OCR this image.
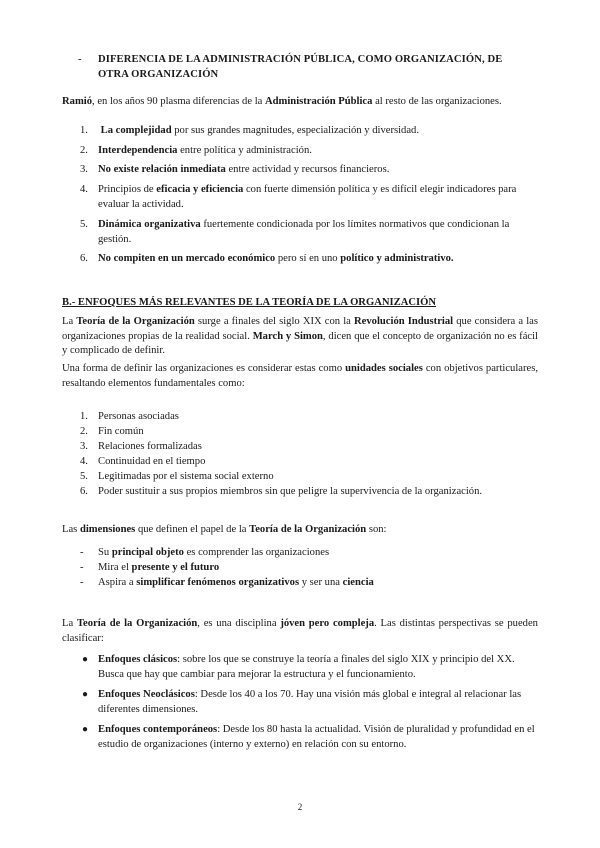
- DIFERENCIA DE LA ADMINISTRACIÓN PÚBLICA, COMO ORGANIZACIÓN, DE
OTRA ORGANIZACIÓN
Ramió, en los años 90 plasma diferencias de la Administración Pública al resto de las organizaciones.
1. La complejidad por sus grandes magnitudes, especialización y diversidad.
2. Interdependencia entre política y administración.
3. No existe relación inmediata entre actividad y recursos financieros.
4. Principios de eficacia y eficiencia con fuerte dimensión política y es difícil elegir indicadores para evaluar la actividad.
5. Dinámica organizativa fuertemente condicionada por los límites normativos que condicionan la gestión.
6. No compiten en un mercado económico pero sí en uno político y administrativo.
B.- ENFOQUES MÁS RELEVANTES DE LA TEORÍA DE LA ORGANIZACIÓN
La Teoría de la Organización surge a finales del siglo XIX con la Revolución Industrial que considera a las organizaciones propias de la realidad social. March y Simon, dicen que el concepto de organización no es fácil y complicado de definir.
Una forma de definir las organizaciones es considerar estas como unidades sociales con objetivos particulares, resaltando elementos fundamentales como:
1. Personas asociadas
2. Fin común
3. Relaciones formalizadas
4. Continuidad en el tiempo
5. Legitimadas por el sistema social externo
6. Poder sustituir a sus propios miembros sin que peligre la supervivencia de la organización.
Las dimensiones que definen el papel de la Teoría de la Organización son:
- Su principal objeto es comprender las organizaciones
- Mira el presente y el futuro
- Aspira a simplificar fenómenos organizativos y ser una ciencia
La Teoría de la Organización, es una disciplina jóven pero compleja. Las distintas perspectivas se pueden clasificar:
● Enfoques clásicos: sobre los que se construye la teoría a finales del siglo XIX y principio del XX. Busca que hay que cambiar para mejorar la estructura y el funcionamiento.
● Enfoques Neoclásicos: Desde los 40 a los 70. Hay una visión más global e integral al relacionar las diferentes dimensiones.
● Enfoques contemporáneos: Desde los 80 hasta la actualidad. Visión de pluralidad y profundidad en el estudio de organizaciones (interno y externo) en relación con su entorno.
2
